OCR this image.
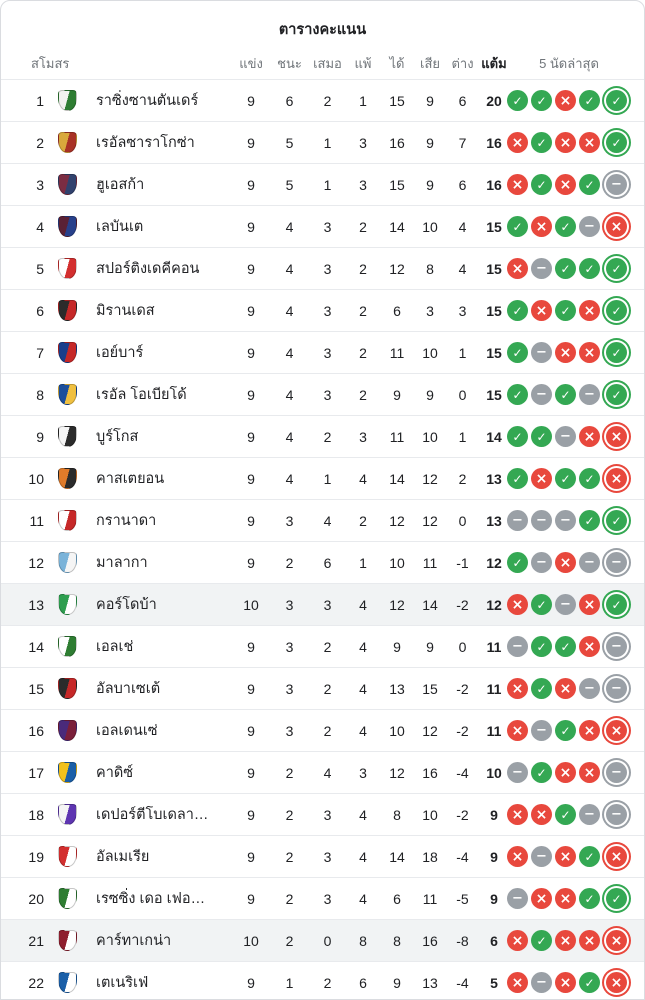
ตารางคะแนน
สโมสร	แข่ง	ชนะ เสมอ แพ้	ได้	เสีย ต่าง แต้ม	5 นัดล่าสุด
1	ราซิ่งซานตันเดร์	9	6	2	1	15	9	6	20 ✓	✓ ×	✓	✓
2	เรอัลซาราโกซ่า	9	5	1	3	16	9	7	16 ×	✓ × ×	✓
3	ฮูเอสก้า	9	5	1	3	15	9	6	16 ×	✓ ×	✓	−
4	เลบันเต	9	4	3	2	14	10	4	15 ✓ ×	✓	−	×
5	สปอร์ติงเดคีคอน	9	4	3	2	12	8	4	15 × −	✓	✓	✓
6	มิรานเดส	9	4	3	2	6	3	3	15 ✓ ×	✓ ×	✓
7	เอย์บาร์	9	4	3	2	11	10	1	15 ✓	− × ×	✓
8	เรอัล โอเบียโด้	9	4	3	2	9	9	0	15 ✓	−	✓	−	✓
9	บูร์โกส	9	4	2	3	11	10	1	14 ✓	✓	− ×	×
10	คาสเตยอน	9	4	1	4	14	12	2	13 ✓ ×	✓	✓	×
11	กรานาดา	9	3	4	2	12	12	0	13 −	−	−	✓	✓
12	มาลากา	9	2	6	1	10	11	-1	12 ✓	− × −	−
13	คอร์โดบ้า	10	3	3	4	12	14	-2	12 ×	✓	− ×	✓
14	เอลเช่	9	3	2	4	9	9	0	11 −	✓	✓ ×	−
15	อัลบาเซเต้	9	3	2	4	13	15	-2	11 ×	✓ × −	−
16	เอลเดนเซ่	9	3	2	4	10	12	-2	11 × −	✓ ×	×
17	คาดิซ์	9	2	4	3	12	16	-4	10 −	✓ × ×	−
18	เดปอร์ตีโบเดลา…	9	2	3	4	8	10	-2	9 × ×	✓	−	−
19	อัลเมเรีย	9	2	3	4	14	18	-4	9 × − ×	✓	×
20	เรซซิ่ง เดอ เฟอ…	9	2	3	4	6	11	-5	9	− × ×	✓	✓
21	คาร์ทาเกน่า	10	2	0	8	8	16	-8	6 ×	✓ × ×	×
22	เตเนริเฟ่	9	1	2	6	9	13	-4	5 × − ×	✓	×
